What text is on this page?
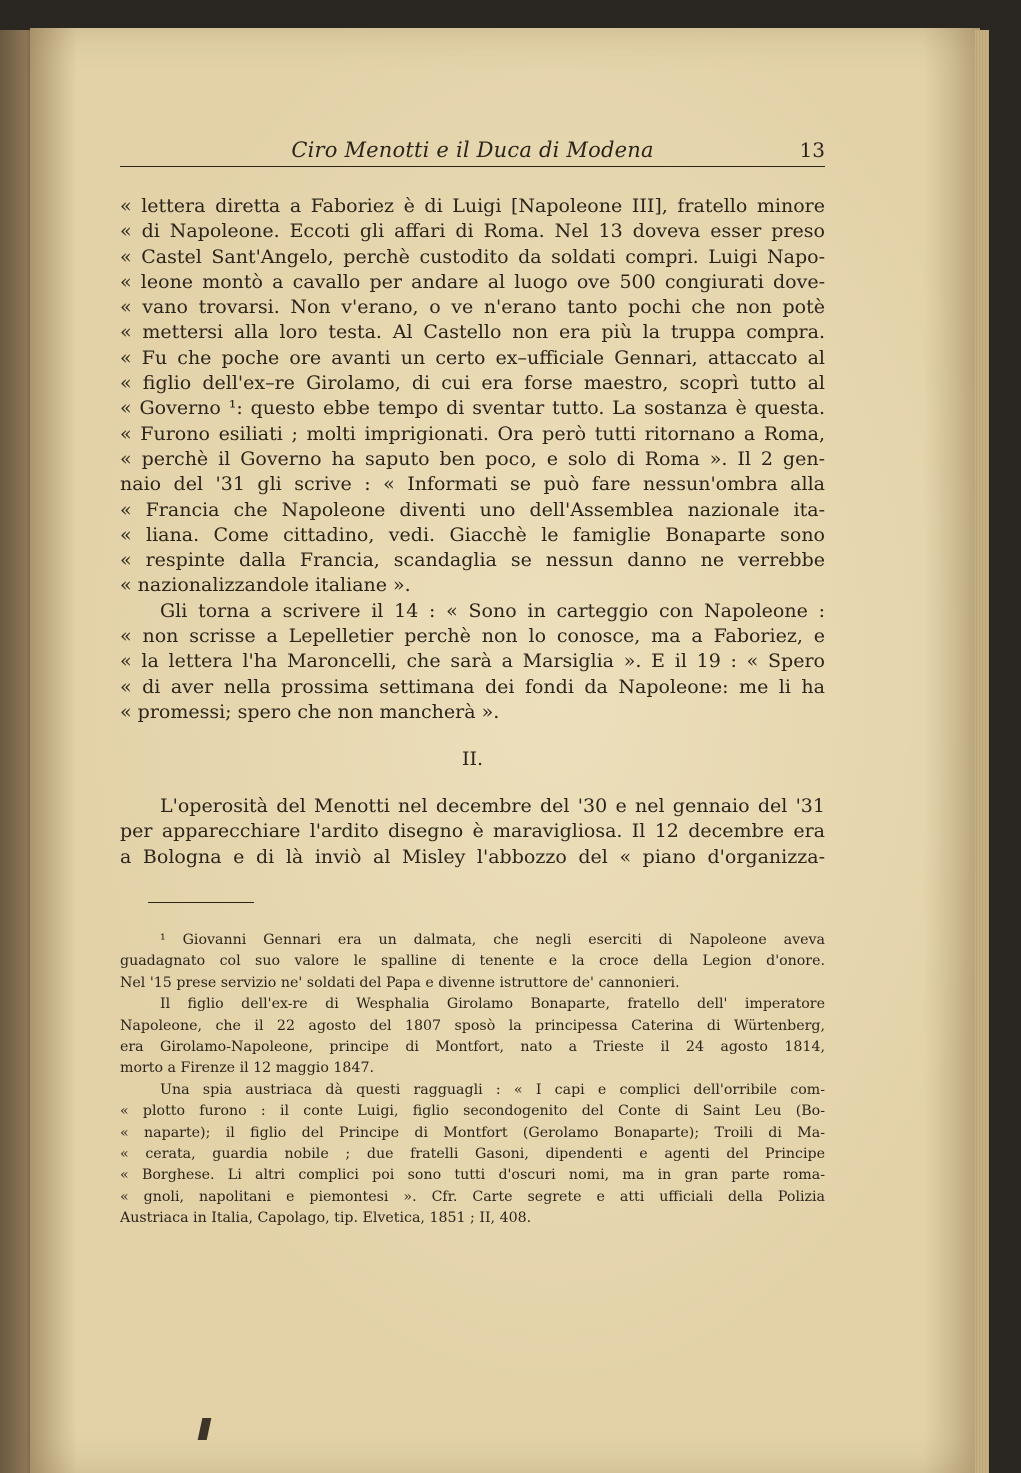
Ciro Menotti e il Duca di Modena	13
« lettera diretta a Faboriez è di Luigi [Napoleone III], fratello minore
« di Napoleone. Eccoti gli affari di Roma. Nel 13 doveva esser preso
« Castel Sant'Angelo, perchè custodito da soldati compri. Luigi Napo-
« leone montò a cavallo per andare al luogo ove 500 congiurati dove-
« vano trovarsi. Non v'erano, o ve n'erano tanto pochi che non potè
« mettersi alla loro testa. Al Castello non era più la truppa compra.
« Fu che poche ore avanti un certo ex–ufficiale Gennari, attaccato al
« figlio dell'ex–re Girolamo, di cui era forse maestro, scoprì tutto al
« Governo ¹: questo ebbe tempo di sventar tutto. La sostanza è questa.
« Furono esiliati ; molti imprigionati. Ora però tutti ritornano a Roma,
« perchè il Governo ha saputo ben poco, e solo di Roma ». Il 2 gen-
naio del '31 gli scrive : « Informati se può fare nessun'ombra alla
« Francia che Napoleone diventi uno dell'Assemblea nazionale ita-
« liana. Come cittadino, vedi. Giacchè le famiglie Bonaparte sono
« respinte dalla Francia, scandaglia se nessun danno ne verrebbe
« nazionalizzandole italiane ».
Gli torna a scrivere il 14 : « Sono in carteggio con Napoleone :
« non scrisse a Lepelletier perchè non lo conosce, ma a Faboriez, e
« la lettera l'ha Maroncelli, che sarà a Marsiglia ». E il 19 : « Spero
« di aver nella prossima settimana dei fondi da Napoleone: me li ha
« promessi; spero che non mancherà ».
II.
L'operosità del Menotti nel decembre del '30 e nel gennaio del '31
per apparecchiare l'ardito disegno è maravigliosa. Il 12 decembre era
a Bologna e di là inviò al Misley l'abbozzo del « piano d'organizza-
¹ Giovanni Gennari era un dalmata, che negli eserciti di Napoleone aveva
guadagnato col suo valore le spalline di tenente e la croce della Legion d'onore.
Nel '15 prese servizio ne' soldati del Papa e divenne istruttore de' cannonieri.
Il figlio dell'ex-re di Wesphalia Girolamo Bonaparte, fratello dell' imperatore
Napoleone, che il 22 agosto del 1807 sposò la principessa Caterina di Würtenberg,
era Girolamo-Napoleone, principe di Montfort, nato a Trieste il 24 agosto 1814,
morto a Firenze il 12 maggio 1847.
Una spia austriaca dà questi ragguagli : « I capi e complici dell'orribile com-
« plotto furono : il conte Luigi, figlio secondogenito del Conte di Saint Leu (Bo-
« naparte); il figlio del Principe di Montfort (Gerolamo Bonaparte); Troili di Ma-
« cerata, guardia nobile ; due fratelli Gasoni, dipendenti e agenti del Principe
« Borghese. Li altri complici poi sono tutti d'oscuri nomi, ma in gran parte roma-
« gnoli, napolitani e piemontesi ». Cfr. Carte segrete e atti ufficiali della Polizia
Austriaca in Italia, Capolago, tip. Elvetica, 1851 ; II, 408.
